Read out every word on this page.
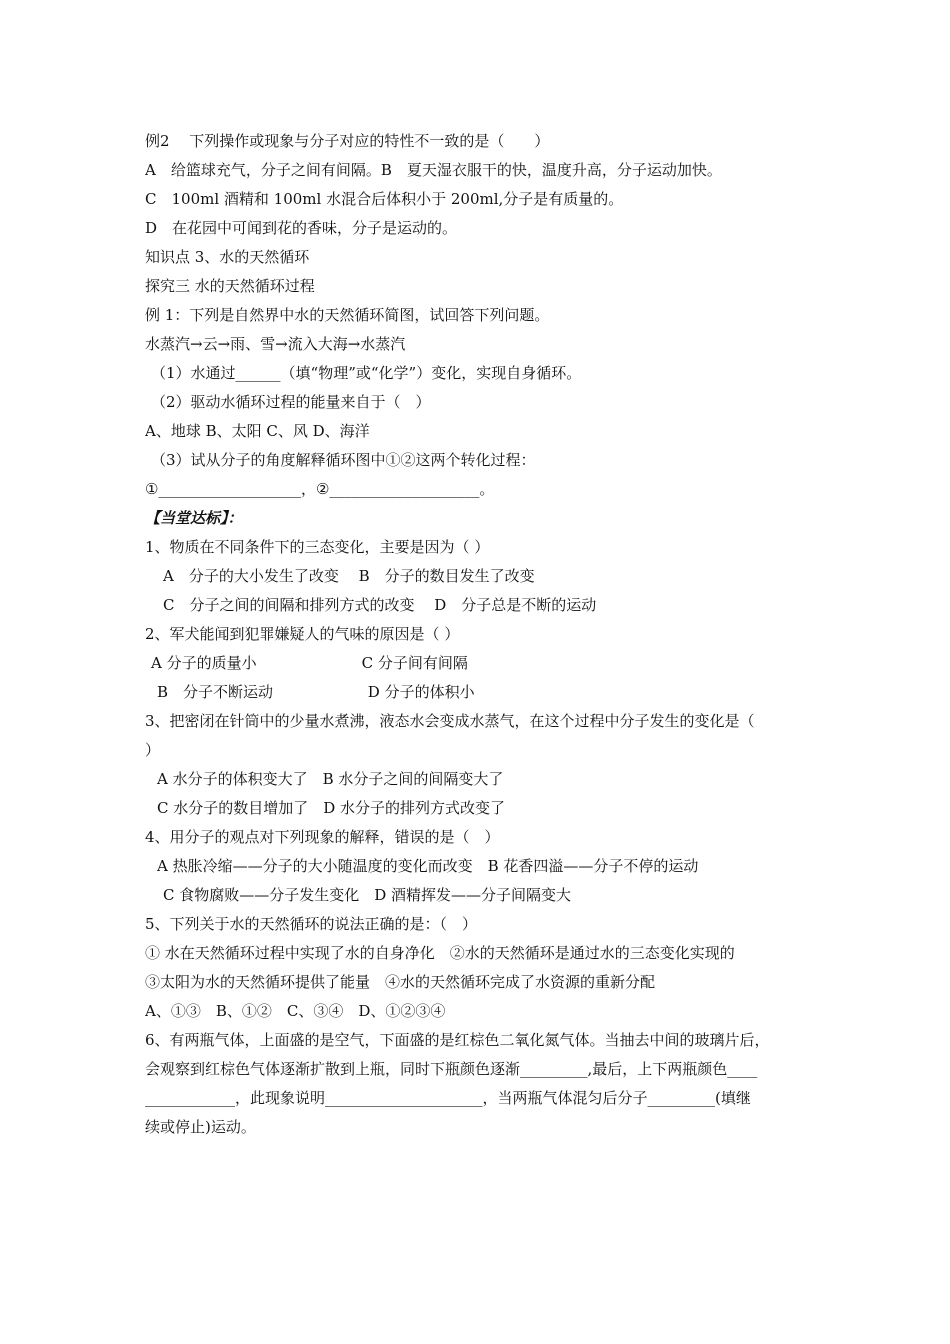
例2　 下列操作或现象与分子对应的特性不一致的是（　　）
A　给篮球充气，分子之间有间隔。B　夏天湿衣服干的快，温度升高，分子运动加快。
C　100ml 酒精和 100ml 水混合后体积小于 200ml,分子是有质量的。
D　在花园中可闻到花的香味，分子是运动的。
知识点 3、水的天然循环
探究三 水的天然循环过程
例 1：下列是自然界中水的天然循环简图，试回答下列问题。
水蒸汽→云→雨、雪→流入大海→水蒸汽
（1）水通过______（填“物理”或“化学”）变化，实现自身循环。
（2）驱动水循环过程的能量来自于（　）
A、地球 B、太阳 C、风 D、海洋
（3）试从分子的角度解释循环图中①②这两个转化过程：
①___________________，②____________________。
【当堂达标】：
1、物质在不同条件下的三态变化，主要是因为（ ）
A　分子的大小发生了改变　 B　分子的数目发生了改变
C　分子之间的间隔和排列方式的改变　 D　分子总是不断的运动
2、军犬能闻到犯罪嫌疑人的气味的原因是（ ）
A 分子的质量小　　　　　　　C 分子间有间隔
B　分子不断运动　　　　　　 D 分子的体积小
3、把密闭在针筒中的少量水煮沸，液态水会变成水蒸气，在这个过程中分子发生的变化是（
）
A 水分子的体积变大了　B 水分子之间的间隔变大了
C 水分子的数目增加了　D 水分子的排列方式改变了
4、用分子的观点对下列现象的解释，错误的是（　）
A 热胀冷缩——分子的大小随温度的变化而改变　B 花香四溢——分子不停的运动
C 食物腐败——分子发生变化　D 酒精挥发——分子间隔变大
5、下列关于水的天然循环的说法正确的是：（　）
① 水在天然循环过程中实现了水的自身净化　②水的天然循环是通过水的三态变化实现的
③太阳为水的天然循环提供了能量　④水的天然循环完成了水资源的重新分配
A、①③　B、①②　C、③④　D、①②③④
6、有两瓶气体，上面盛的是空气，下面盛的是红棕色二氧化氮气体。当抽去中间的玻璃片后，
会观察到红棕色气体逐渐扩散到上瓶，同时下瓶颜色逐渐_________,最后，上下两瓶颜色____
____________，此现象说明_____________________，当两瓶气体混匀后分子_________(填继
续或停止)运动。
